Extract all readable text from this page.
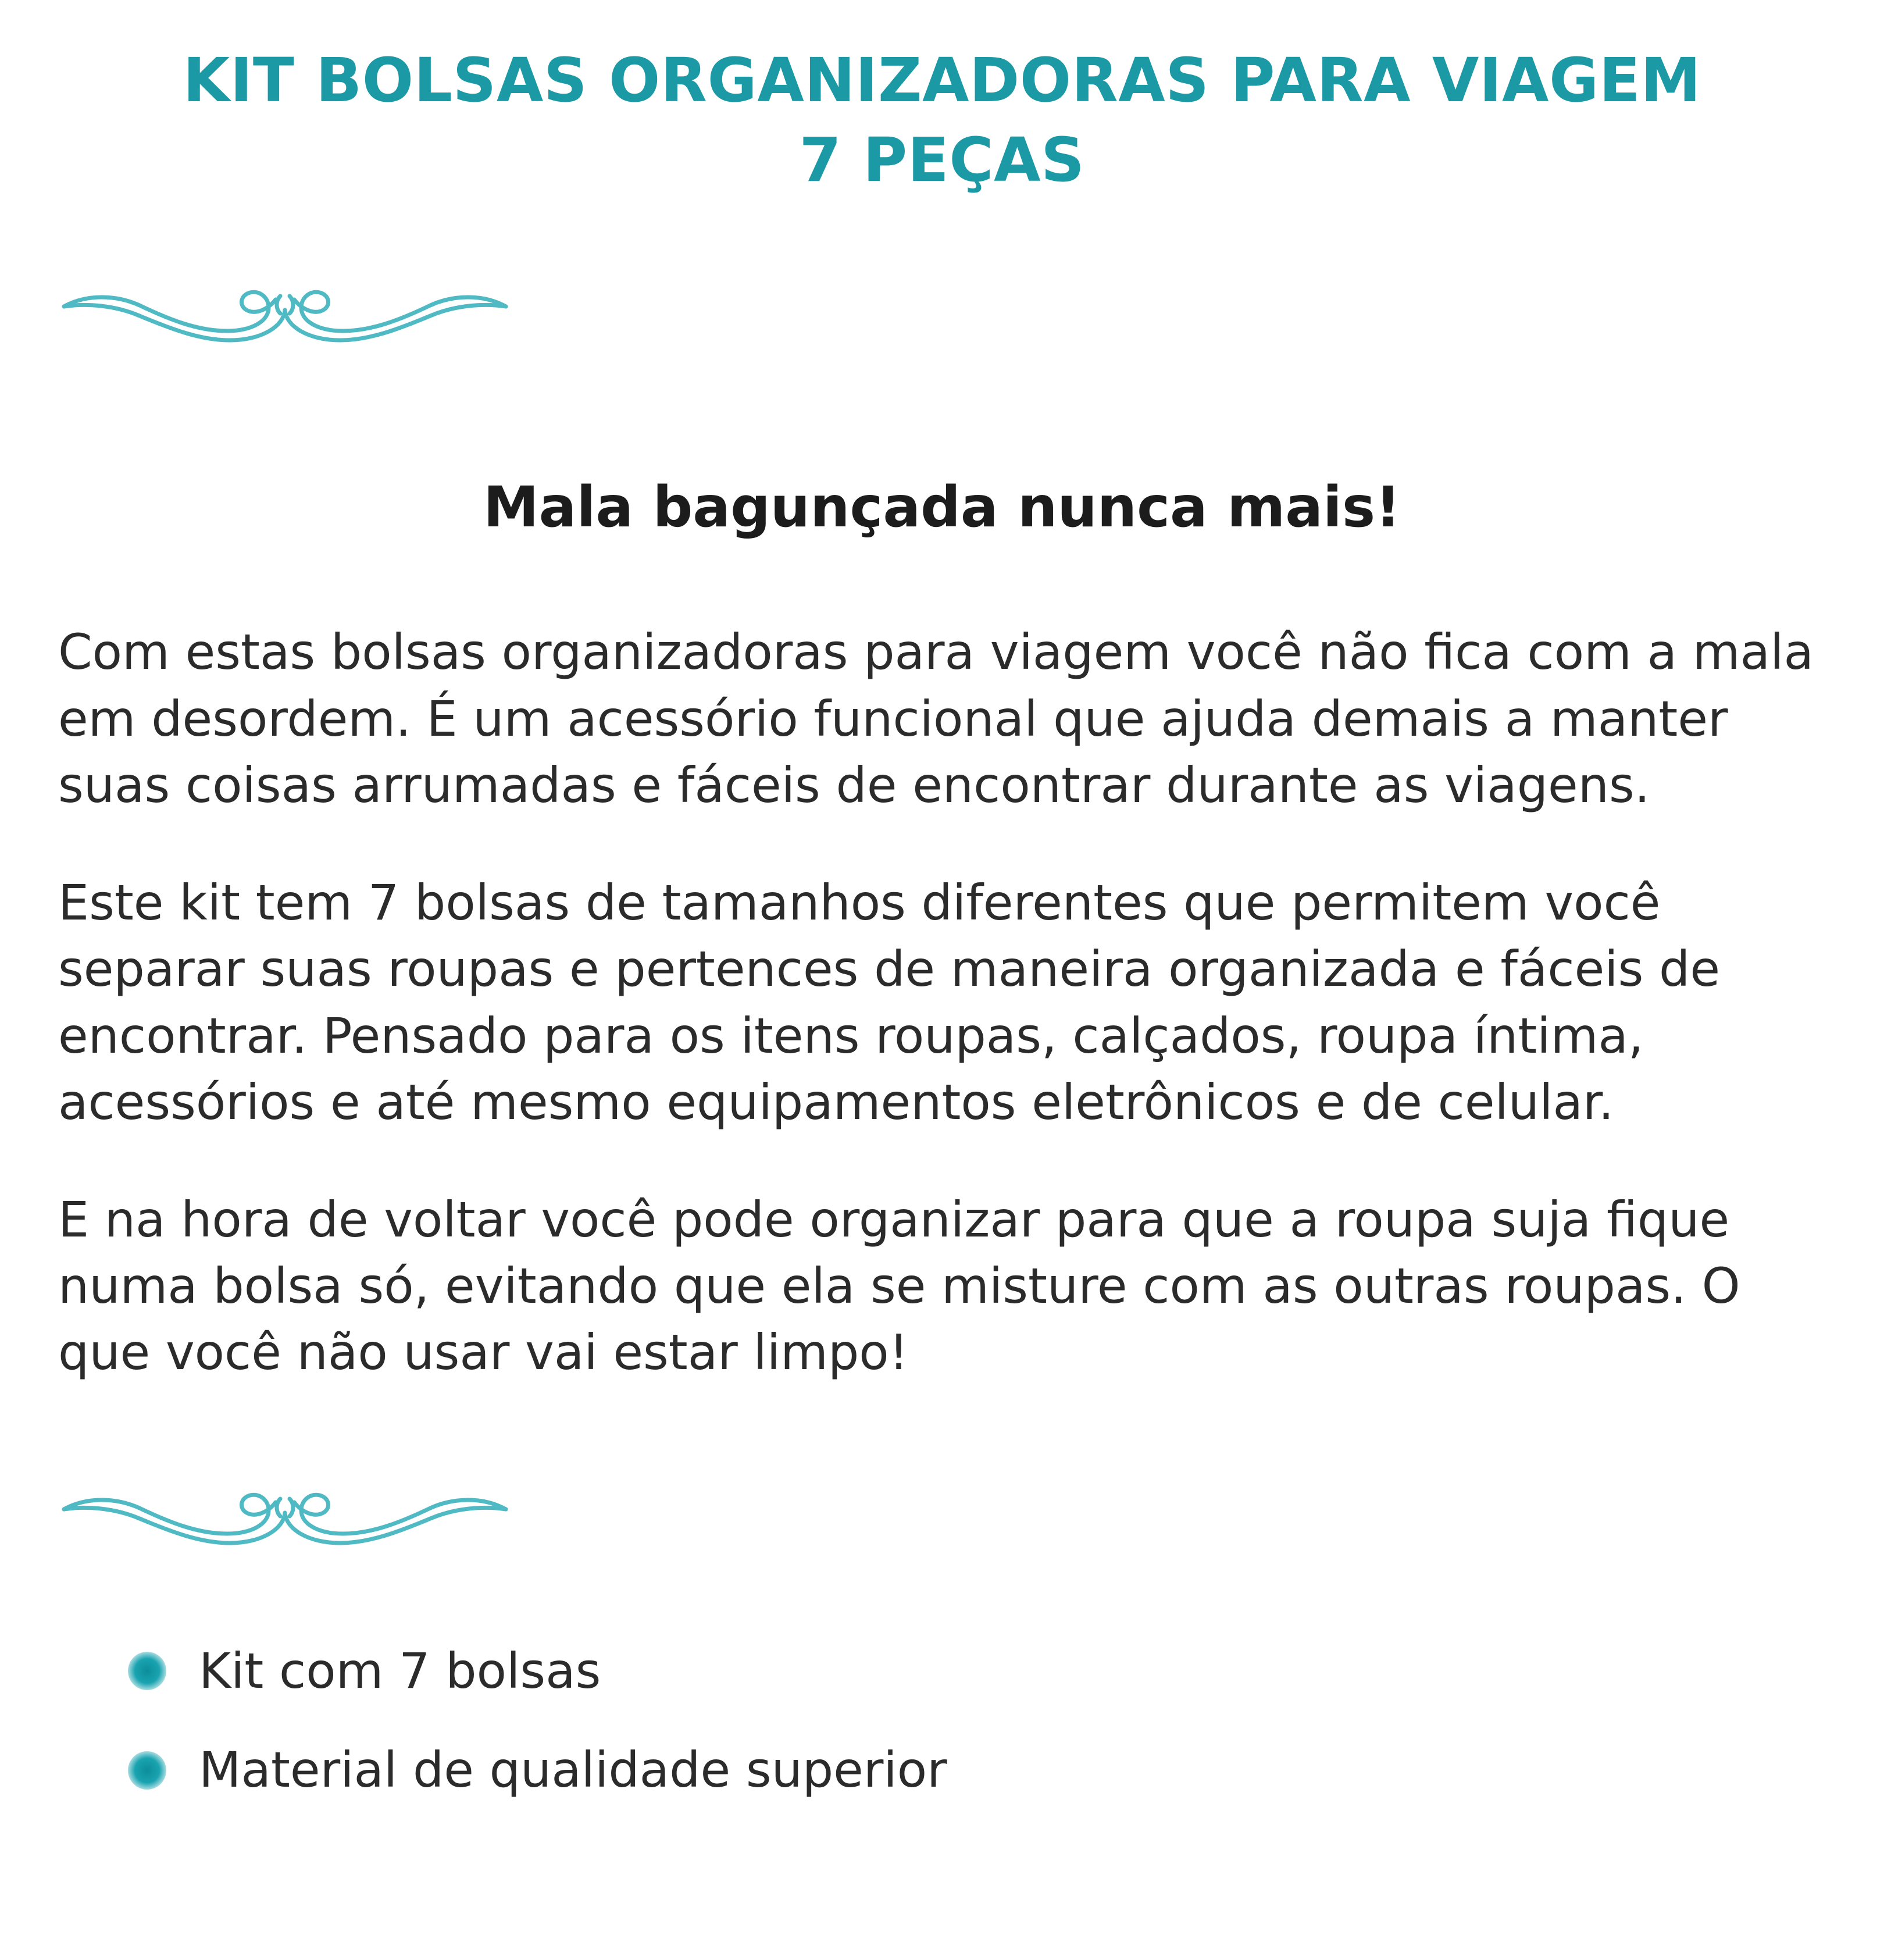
KIT BOLSAS ORGANIZADORAS PARA VIAGEM
7 PEÇAS
Mala bagunçada nunca mais!

Com estas bolsas organizadoras para viagem você não fica com a mala em desordem. É um acessório funcional que ajuda demais a manter suas coisas arrumadas e fáceis de encontrar durante as viagens.

Este kit tem 7 bolsas de tamanhos diferentes que permitem você separar suas roupas e pertences de maneira organizada e fáceis de encontrar. Pensado para os itens roupas, calçados, roupa íntima, acessórios e até mesmo equipamentos eletrônicos e de celular.

E na hora de voltar você pode organizar para que a roupa suja fique numa bolsa só, evitando que ela se misture com as outras roupas. O que você não usar vai estar limpo!

Kit com 7 bolsas
Material de qualidade superior
